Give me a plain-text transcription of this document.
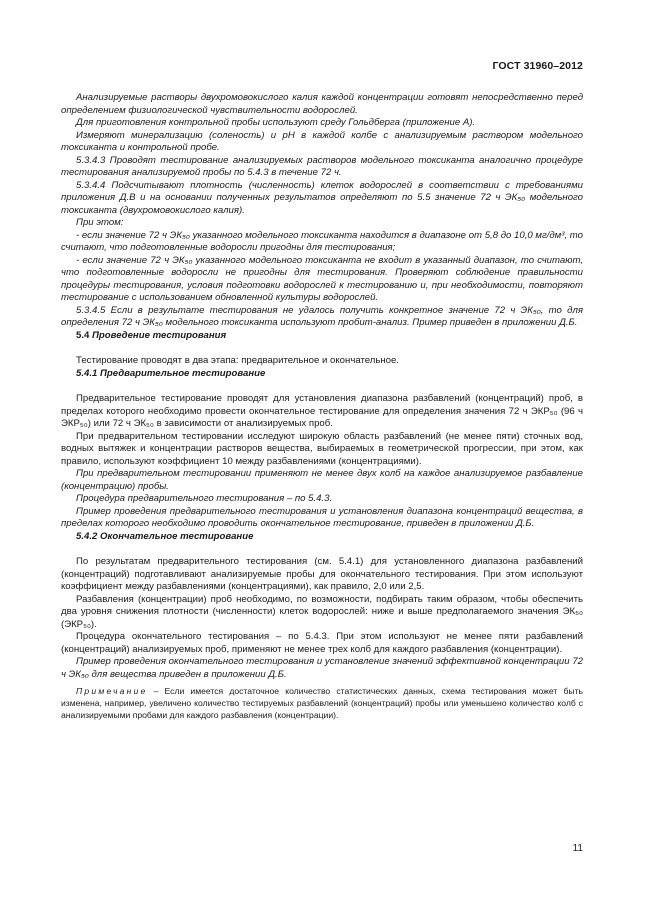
ГОСТ 31960–2012

Анализируемые растворы двухромовокислого калия каждой концентрации готовят непосредственно перед определением физиологической чувствительности водорослей.

Для приготовления контрольной пробы используют среду Гольдберга (приложение А).

Измеряют минерализацию (соленость) и pH в каждой колбе с анализируемым раствором модельного токсиканта и контрольной пробе.

5.3.4.3 Проводят тестирование анализируемых растворов модельного токсиканта аналогично процедуре тестирования анализируемой пробы по 5.4.3 в течение 72 ч.

5.3.4.4 Подсчитывают плотность (численность) клеток водорослей в соответствии с требованиями приложения Д.В и на основании полученных результатов определяют по 5.5 значение 72 ч ЭК₅₀ модельного токсиканта (двухромовокислого калия).

При этом:

- если значение 72 ч ЭК₅₀ указанного модельного токсиканта находится в диапазоне от 5,8 до 10,0 мг/дм³, то считают, что подготовленные водоросли пригодны для тестирования;

- если значение 72 ч ЭК₅₀ указанного модельного токсиканта не входит в указанный диапазон, то считают, что подготовленные водоросли не пригодны для тестирования. Проверяют соблюдение правильности процедуры тестирования, условия подготовки водорослей к тестированию и, при необходимости, повторяют тестирование с использованием обновленной культуры водорослей.

5.3.4.5 Если в результате тестирования не удалось получить конкретное значение 72 ч ЭК₅₀, то для определения 72 ч ЭК₅₀ модельного токсиканта используют пробит-анализ. Пример приведен в приложении Д.Б.

5.4 Проведение тестирования

Тестирование проводят в два этапа: предварительное и окончательное.

5.4.1 Предварительное тестирование

Предварительное тестирование проводят для установления диапазона разбавлений (концентраций) проб, в пределах которого необходимо провести окончательное тестирование для определения значения 72 ч ЭКР₅₀ (96 ч ЭКР₅₀) или 72 ч ЭК₅₀ в зависимости от анализируемых проб.

При предварительном тестировании исследуют широкую область разбавлений (не менее пяти) сточных вод, водных вытяжек и концентрации растворов вещества, выбираемых в геометрической прогрессии, при этом, как правило, используют коэффициент 10 между разбавлениями (концентрациями).

При предварительном тестировании применяют не менее двух колб на каждое анализируемое разбавление (концентрацию) пробы.

Процедура предварительного тестирования – по 5.4.3.

Пример проведения предварительного тестирования и установления диапазона концентраций вещества, в пределах которого необходимо проводить окончательное тестирование, приведен в приложении Д.Б.

5.4.2 Окончательное тестирование

По результатам предварительного тестирования (см. 5.4.1) для установленного диапазона разбавлений (концентраций) подготавливают анализируемые пробы для окончательного тестирования. При этом используют коэффициент между разбавлениями (концентрациями), как правило, 2,0 или 2,5.

Разбавления (концентрации) проб необходимо, по возможности, подбирать таким образом, чтобы обеспечить два уровня снижения плотности (численности) клеток водорослей: ниже и выше предполагаемого значения ЭК₅₀ (ЭКР₅₀).

Процедура окончательного тестирования – по 5.4.3. При этом используют не менее пяти разбавлений (концентраций) анализируемых проб, применяют не менее трех колб для каждого разбавления (концентрации).

Пример проведения окончательного тестирования и установление значений эффективной концентрации 72 ч ЭК₅₀ для вещества приведен в приложении Д.Б.

Примечание – Если имеется достаточное количество статистических данных, схема тестирования может быть изменена, например, увеличено количество тестируемых разбавлений (концентраций) пробы или уменьшено количество колб с анализируемыми пробами для каждого разбавления (концентрации).

11
